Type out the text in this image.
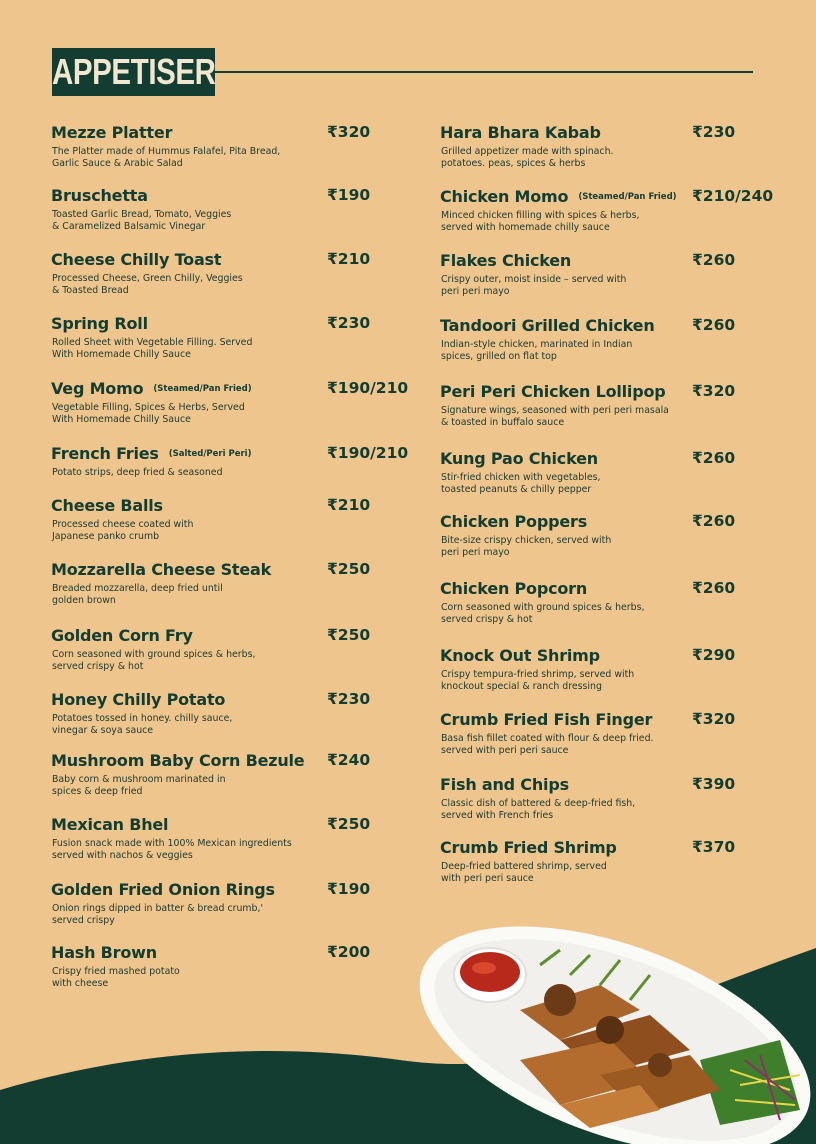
APPETISER
Mezze Platter	₹320
The Platter made of Hummus Falafel, Pita Bread,
Garlic Sauce & Arabic Salad
Bruschetta	₹190
Toasted Garlic Bread, Tomato, Veggies
& Caramelized Balsamic Vinegar
Cheese Chilly Toast	₹210
Processed Cheese, Green Chilly, Veggies
& Toasted Bread
Spring Roll	₹230
Rolled Sheet with Vegetable Filling. Served
With Homemade Chilly Sauce
Veg Momo (Steamed/Pan Fried)	₹190/210
Vegetable Filling, Spices & Herbs, Served
With Homemade Chilly Sauce
French Fries (Salted/Peri Peri)	₹190/210
Potato strips, deep fried & seasoned
Cheese Balls	₹210
Processed cheese coated with
Japanese panko crumb
Mozzarella Cheese Steak	₹250
Breaded mozzarella, deep fried until
golden brown
Golden Corn Fry	₹250
Corn seasoned with ground spices & herbs,
served crispy & hot
Honey Chilly Potato	₹230
Potatoes tossed in honey. chilly sauce,
vinegar & soya sauce
Mushroom Baby Corn Bezule ₹240
Baby corn & mushroom marinated in
spices & deep fried
Mexican Bhel	₹250
Fusion snack made with 100% Mexican ingredients
served with nachos & veggies
Golden Fried Onion Rings	₹190
Onion rings dipped in batter & bread crumb,'
served crispy
Hash Brown	₹200
Crispy fried mashed potato
with cheese
Hara Bhara Kabab	₹230
Grilled appetizer made with spinach.
potatoes. peas, spices & herbs
Chicken Momo (Steamed/Pan Fried) ₹210/240
Minced chicken filling with spices & herbs,
served with homemade chilly sauce
Flakes Chicken	₹260
Crispy outer, moist inside – served with
peri peri mayo
Tandoori Grilled Chicken ₹260
Indian-style chicken, marinated in Indian
spices, grilled on flat top
Peri Peri Chicken Lollipop ₹320
Signature wings, seasoned with peri peri masala
& toasted in buffalo sauce
Kung Pao Chicken	₹260
Stir-fried chicken with vegetables,
toasted peanuts & chilly pepper
Chicken Poppers	₹260
Bite-size crispy chicken, served with
peri peri mayo
Chicken Popcorn	₹260
Corn seasoned with ground spices & herbs,
served crispy & hot
Knock Out Shrimp	₹290
Crispy tempura-fried shrimp, served with
knockout special & ranch dressing
Crumb Fried Fish Finger	₹320
Basa fish fillet coated with flour & deep fried.
served with peri peri sauce
Fish and Chips	₹390
Classic dish of battered & deep-fried fish,
served with French fries
Crumb Fried Shrimp	₹370
Deep-fried battered shrimp, served
with peri peri sauce
